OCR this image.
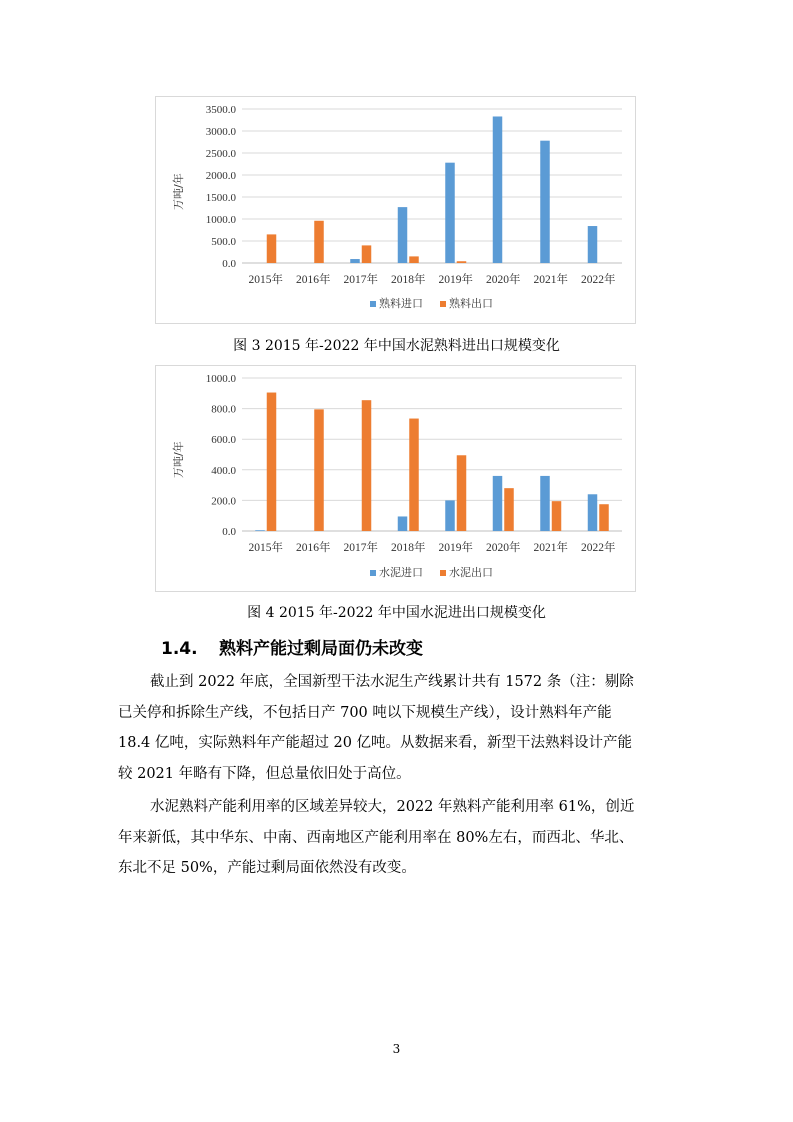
3500.0
3000.0
2500.0
2000.0
1500.0
1000.0
500.0
0.0
2015年 2016年 2017年 2018年 2019年 2020年 2021年 2022年
熟料进口 熟料出口
万吨/年
图 3 2015 年-2022 年中国水泥熟料进出口规模变化
1000.0
800.0
600.0
400.0
200.0
0.0
2015年 2016年 2017年 2018年 2019年 2020年 2021年 2022年
水泥进口 水泥出口
万吨/年
图 4 2015 年-2022 年中国水泥进出口规模变化
1.4. 熟料产能过剩局面仍未改变

截止到 2022 年底，全国新型干法水泥生产线累计共有 1572 条（注：剔除
已关停和拆除生产线，不包括日产 700 吨以下规模生产线），设计熟料年产能
18.4 亿吨，实际熟料年产能超过 20 亿吨。从数据来看，新型干法熟料设计产能
较 2021 年略有下降，但总量依旧处于高位。

水泥熟料产能利用率的区域差异较大，2022 年熟料产能利用率 61%，创近
年来新低，其中华东、中南、西南地区产能利用率在 80%左右，而西北、华北、
东北不足 50%，产能过剩局面依然没有改变。

3
